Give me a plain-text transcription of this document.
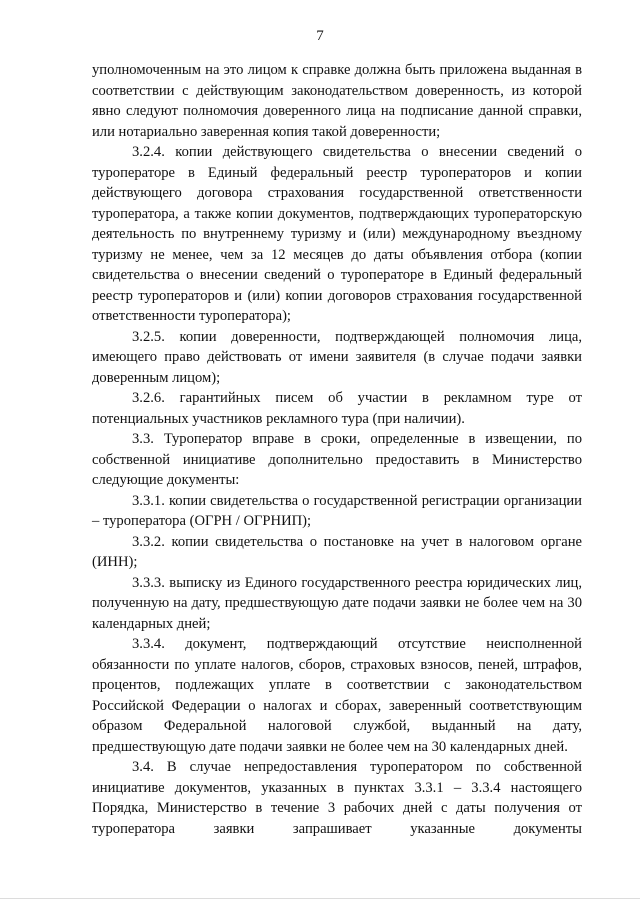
7

уполномоченным на это лицом к справке должна быть приложена выданная в соответствии с действующим законодательством доверенность, из которой явно следуют полномочия доверенного лица на подписание данной справки, или нотариально заверенная копия такой доверенности;

3.2.4. копии действующего свидетельства о внесении сведений о туроператоре в Единый федеральный реестр туроператоров и копии действующего договора страхования государственной ответственности туроператора, а также копии документов, подтверждающих туроператорскую деятельность по внутреннему туризму и (или) международному въездному туризму не менее, чем за 12 месяцев до даты объявления отбора (копии свидетельства о внесении сведений о туроператоре в Единый федеральный реестр туроператоров и (или) копии договоров страхования государственной ответственности туроператора);

3.2.5. копии доверенности, подтверждающей полномочия лица, имеющего право действовать от имени заявителя (в случае подачи заявки доверенным лицом);

3.2.6. гарантийных писем об участии в рекламном туре от потенциальных участников рекламного тура (при наличии).

3.3. Туроператор вправе в сроки, определенные в извещении, по собственной инициативе дополнительно предоставить в Министерство следующие документы:

3.3.1. копии свидетельства о государственной регистрации организации – туроператора (ОГРН / ОГРНИП);

3.3.2. копии свидетельства о постановке на учет в налоговом органе (ИНН);

3.3.3. выписку из Единого государственного реестра юридических лиц, полученную на дату, предшествующую дате подачи заявки не более чем на 30 календарных дней;

3.3.4. документ, подтверждающий отсутствие неисполненной обязанности по уплате налогов, сборов, страховых взносов, пеней, штрафов, процентов, подлежащих уплате в соответствии с законодательством Российской Федерации о налогах и сборах, заверенный соответствующим образом Федеральной налоговой службой, выданный на дату, предшествующую дате подачи заявки не более чем на 30 календарных дней.

3.4. В случае непредоставления туроператором по собственной инициативе документов, указанных в пунктах 3.3.1 – 3.3.4 настоящего Порядка, Министерство в течение 3 рабочих дней с даты получения от туроператора заявки запрашивает указанные документы
